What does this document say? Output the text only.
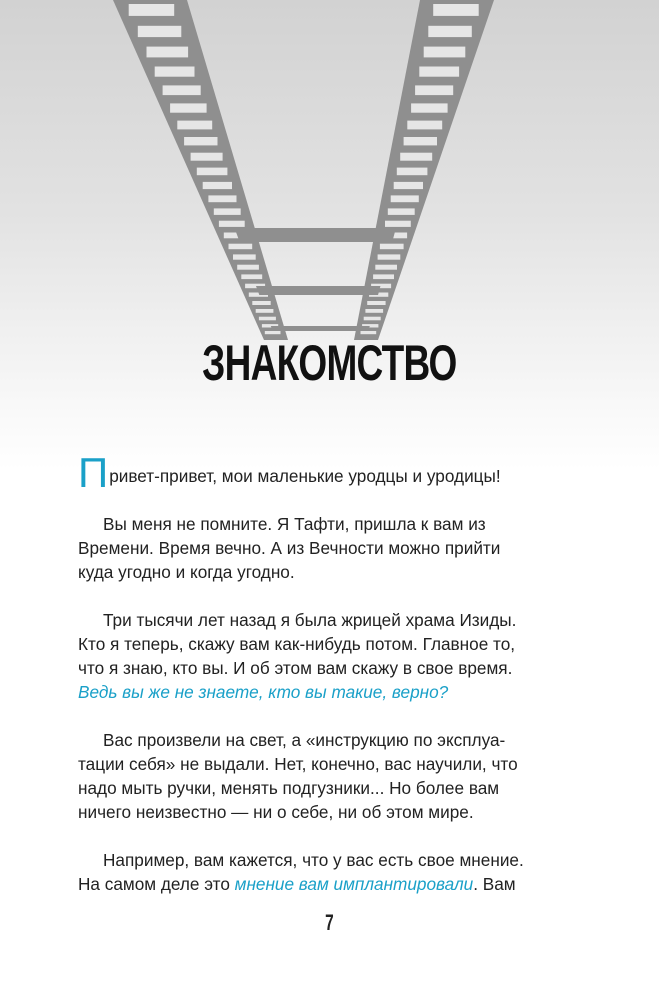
ЗНАКОМСТВО
Привет-привет, мои маленькие уродцы и уродицы!
Вы меня не помните. Я Тафти, пришла к вам из
Времени. Время вечно. А из Вечности можно прийти
куда угодно и когда угодно.
Три тысячи лет назад я была жрицей храма Изиды.
Кто я теперь, скажу вам как-нибудь потом. Главное то,
что я знаю, кто вы. И об этом вам скажу в свое время.
Ведь вы же не знаете, кто вы такие, верно?
Вас произвели на свет, а «инструкцию по эксплуа-
тации себя» не выдали. Нет, конечно, вас научили, что
надо мыть ручки, менять подгузники... Но более вам
ничего неизвестно — ни о себе, ни об этом мире.
Например, вам кажется, что у вас есть свое мнение.
На самом деле это мнение вам имплантировали. Вам
7
